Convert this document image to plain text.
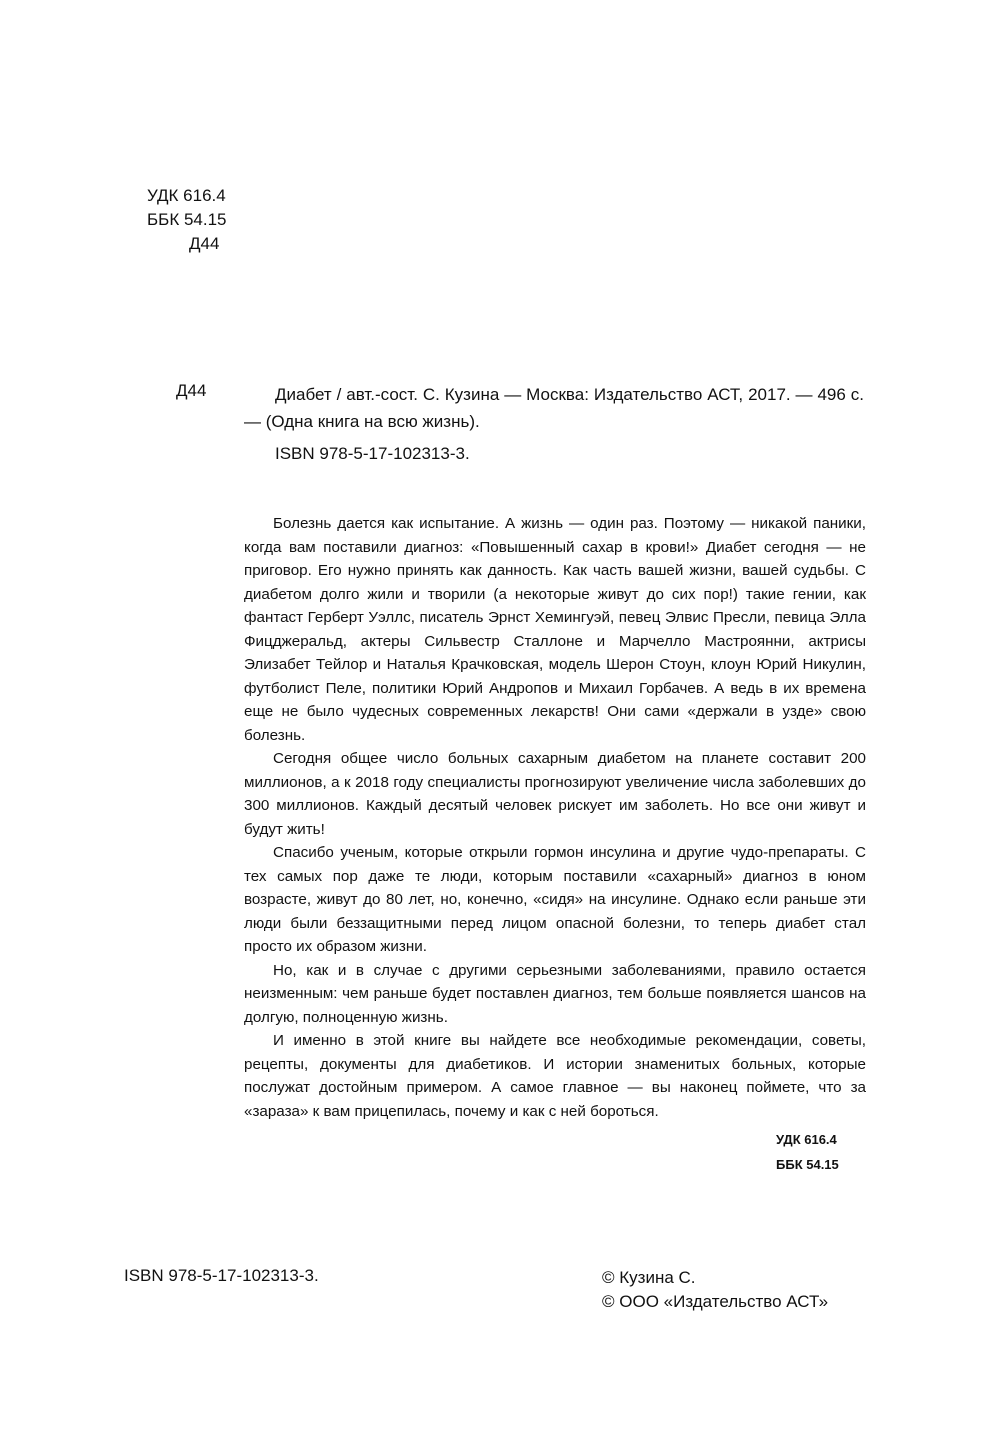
УДК 616.4
ББК 54.15
Д44
Д44	Диабет / авт.-сост. С. Кузина — Москва: Издательство АСТ, 2017. — 496 с. — (Одна книга на всю жизнь).

ISBN 978-5-17-102313-3.

Болезнь дается как испытание. А жизнь — один раз. Поэтому — никакой паники, когда вам поставили диагноз: «Повышенный сахар в крови!» Диабет сегодня — не приговор. Его нужно принять как данность. Как часть вашей жизни, вашей судьбы. С диабетом долго жили и творили (а некоторые живут до сих пор!) такие гении, как фантаст Герберт Уэллс, писатель Эрнст Хемингуэй, певец Элвис Пресли, певица Элла Фицджеральд, актеры Сильвестр Сталлоне и Марчелло Мастроянни, актрисы Элизабет Тейлор и Наталья Крачковская, модель Шерон Стоун, клоун Юрий Никулин, футболист Пеле, политики Юрий Андропов и Михаил Горбачев. А ведь в их времена еще не было чудесных современных лекарств! Они сами «держали в узде» свою болезнь.

Сегодня общее число больных сахарным диабетом на планете составит 200 миллионов, а к 2018 году специалисты прогнозируют увеличение числа заболевших до 300 миллионов. Каждый десятый человек рискует им заболеть. Но все они живут и будут жить!

Спасибо ученым, которые открыли гормон инсулина и другие чудо-препараты. С тех самых пор даже те люди, которым поставили «сахарный» диагноз в юном возрасте, живут до 80 лет, но, конечно, «сидя» на инсулине. Однако если раньше эти люди были беззащитными перед лицом опасной болезни, то теперь диабет стал просто их образом жизни.

Но, как и в случае с другими серьезными заболеваниями, правило остается неизменным: чем раньше будет поставлен диагноз, тем больше появляется шансов на долгую, полноценную жизнь.

И именно в этой книге вы найдете все необходимые рекомендации, советы, рецепты, документы для диабетиков. И истории знаменитых больных, которые послужат достойным примером. А самое главное — вы наконец поймете, что за «зараза» к вам прицепилась, почему и как с ней бороться.

УДК 616.4
ББК 54.15
ISBN 978-5-17-102313-3.	© Кузина С.
© ООО «Издательство АСТ»
